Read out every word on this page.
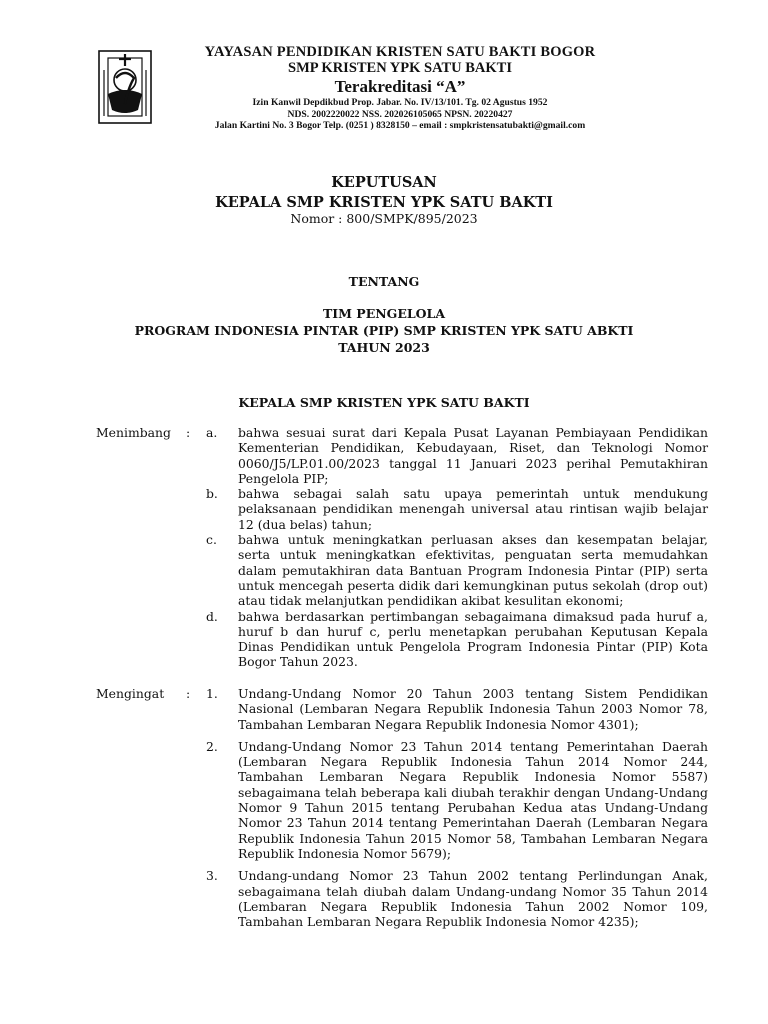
YAYASAN PENDIDIKAN KRISTEN SATU BAKTI BOGOR
SMP KRISTEN YPK SATU BAKTI
Terakreditasi “A”
Izin Kanwil Depdikbud Prop. Jabar. No. IV/13/101. Tg. 02 Agustus 1952
NDS. 2002220022 NSS. 202026105065 NPSN. 20220427
Jalan Kartini No. 3 Bogor Telp. (0251 ) 8328150 – email : smpkristensatubakti@gmail.com
KEPUTUSAN
KEPALA SMP KRISTEN YPK SATU BAKTI
Nomor : 800/SMPK/895/2023
TENTANG
TIM PENGELOLA
PROGRAM INDONESIA PINTAR (PIP) SMP KRISTEN YPK SATU ABKTI
TAHUN 2023
KEPALA SMP KRISTEN YPK SATU BAKTI
Menimbang : a. bahwa sesuai surat dari Kepala Pusat Layanan Pembiayaan Pendidikan Kementerian Pendidikan, Kebudayaan, Riset, dan Teknologi Nomor 0060/J5/LP.01.00/2023 tanggal 11 Januari 2023 perihal Pemutakhiran Pengelola PIP;
b. bahwa sebagai salah satu upaya pemerintah untuk mendukung pelaksanaan pendidikan menengah universal atau rintisan wajib belajar 12 (dua belas) tahun;
c. bahwa untuk meningkatkan perluasan akses dan kesempatan belajar, serta untuk meningkatkan efektivitas, penguatan serta memudahkan dalam pemutakhiran data Bantuan Program Indonesia Pintar (PIP) serta untuk mencegah peserta didik dari kemungkinan putus sekolah (drop out) atau tidak melanjutkan pendidikan akibat kesulitan ekonomi;
d. bahwa berdasarkan pertimbangan sebagaimana dimaksud pada huruf a, huruf b dan huruf c, perlu menetapkan perubahan Keputusan Kepala Dinas Pendidikan untuk Pengelola Program Indonesia Pintar (PIP) Kota Bogor Tahun 2023.
Mengingat : 1. Undang-Undang Nomor 20 Tahun 2003 tentang Sistem Pendidikan Nasional (Lembaran Negara Republik Indonesia Tahun 2003 Nomor 78, Tambahan Lembaran Negara Republik Indonesia Nomor 4301);
2. Undang-Undang Nomor 23 Tahun 2014 tentang Pemerintahan Daerah (Lembaran Negara Republik Indonesia Tahun 2014 Nomor 244, Tambahan Lembaran Negara Republik Indonesia Nomor 5587) sebagaimana telah beberapa kali diubah terakhir dengan Undang-Undang Nomor 9 Tahun 2015 tentang Perubahan Kedua atas Undang-Undang Nomor 23 Tahun 2014 tentang Pemerintahan Daerah (Lembaran Negara Republik Indonesia Tahun 2015 Nomor 58, Tambahan Lembaran Negara Republik Indonesia Nomor 5679);
3. Undang-undang Nomor 23 Tahun 2002 tentang Perlindungan Anak, sebagaimana telah diubah dalam Undang-undang Nomor 35 Tahun 2014 (Lembaran Negara Republik Indonesia Tahun 2002 Nomor 109, Tambahan Lembaran Negara Republik Indonesia Nomor 4235);
